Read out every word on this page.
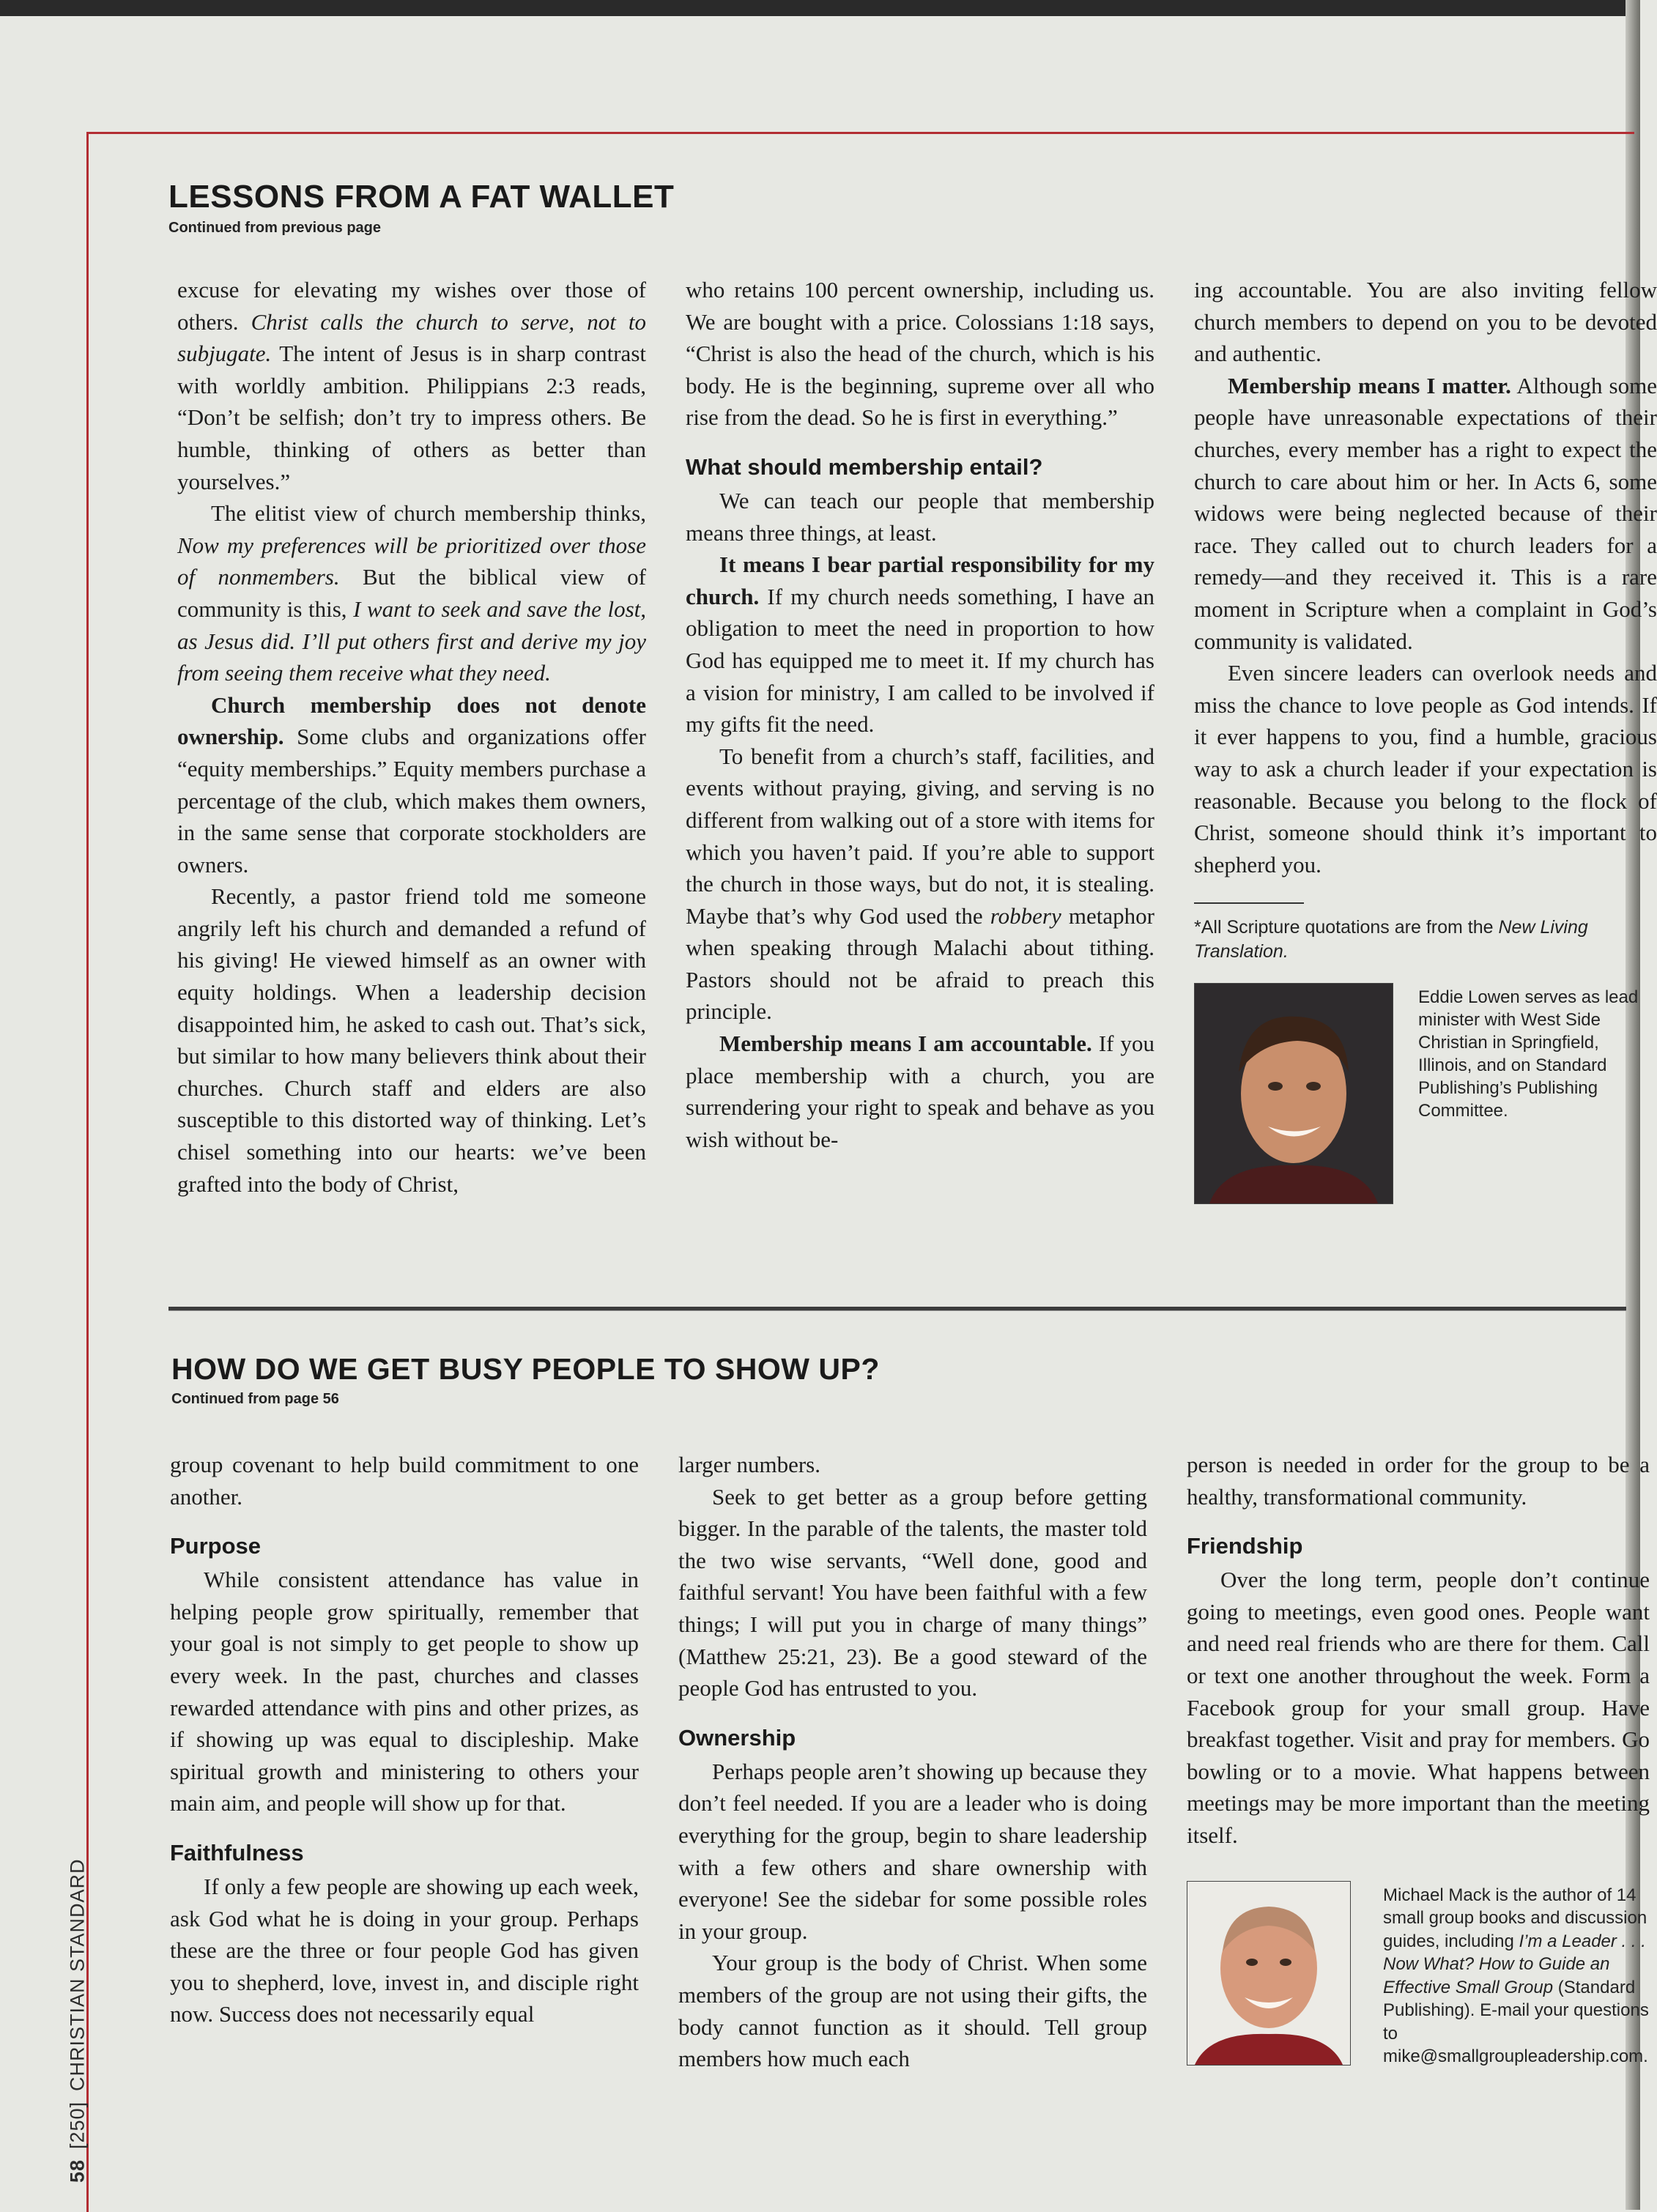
58
[250]
CHRISTIAN STANDARD
LESSONS FROM A FAT WALLET
Continued from previous page

excuse for elevating my wishes over those of others. Christ calls the church to serve, not to subjugate. The intent of Jesus is in sharp contrast with worldly ambition. Philippians 2:3 reads, “Don’t be selfish; don’t try to impress others. Be humble, thinking of others as better than yourselves.”

The elitist view of church membership thinks, Now my preferences will be prioritized over those of nonmembers. But the biblical view of community is this, I want to seek and save the lost, as Jesus did. I’ll put others first and derive my joy from seeing them receive what they need.

Church membership does not denote ownership. Some clubs and organizations offer “equity memberships.” Equity members purchase a percentage of the club, which makes them owners, in the same sense that corporate stockholders are owners.

Recently, a pastor friend told me someone angrily left his church and demanded a refund of his giving! He viewed himself as an owner with equity holdings. When a leadership decision disappointed him, he asked to cash out. That’s sick, but similar to how many believers think about their churches. Church staff and elders are also susceptible to this distorted way of thinking. Let’s chisel something into our hearts: we’ve been grafted into the body of Christ,

who retains 100 percent ownership, including us. We are bought with a price. Colossians 1:18 says, “Christ is also the head of the church, which is his body. He is the beginning, supreme over all who rise from the dead. So he is first in everything.”

What should membership entail?

We can teach our people that membership means three things, at least.

It means I bear partial responsibility for my church. If my church needs something, I have an obligation to meet the need in proportion to how God has equipped me to meet it. If my church has a vision for ministry, I am called to be involved if my gifts fit the need.

To benefit from a church’s staff, facilities, and events without praying, giving, and serving is no different from walking out of a store with items for which you haven’t paid. If you’re able to support the church in those ways, but do not, it is stealing. Maybe that’s why God used the robbery metaphor when speaking through Malachi about tithing. Pastors should not be afraid to preach this principle.

Membership means I am accountable. If you place membership with a church, you are surrendering your right to speak and behave as you wish without be-

ing accountable. You are also inviting fellow church members to depend on you to be devoted and authentic.

Membership means I matter. Although some people have unreasonable expectations of their churches, every member has a right to expect the church to care about him or her. In Acts 6, some widows were being neglected because of their race. They called out to church leaders for a remedy—and they received it. This is a rare moment in Scripture when a complaint in God’s community is validated.

Even sincere leaders can overlook needs and miss the chance to love people as God intends. If it ever happens to you, find a humble, gracious way to ask a church leader if your expectation is reasonable. Because you belong to the flock of Christ, someone should think it’s important to shepherd you.

*All Scripture quotations are from the New Living Translation.
Eddie Lowen serves as lead minister with West Side Christian in Springfield, Illinois, and on Standard Publishing’s Publishing Committee.
HOW DO WE GET BUSY PEOPLE TO SHOW UP?
Continued from page 56

group covenant to help build commitment to one another.

Purpose

While consistent attendance has value in helping people grow spiritually, remember that your goal is not simply to get people to show up every week. In the past, churches and classes rewarded attendance with pins and other prizes, as if showing up was equal to discipleship. Make spiritual growth and ministering to others your main aim, and people will show up for that.

Faithfulness

If only a few people are showing up each week, ask God what he is doing in your group. Perhaps these are the three or four people God has given you to shepherd, love, invest in, and disciple right now. Success does not necessarily equal

larger numbers.

Seek to get better as a group before getting bigger. In the parable of the talents, the master told the two wise servants, “Well done, good and faithful servant! You have been faithful with a few things; I will put you in charge of many things” (Matthew 25:21, 23). Be a good steward of the people God has entrusted to you.

Ownership

Perhaps people aren’t showing up because they don’t feel needed. If you are a leader who is doing everything for the group, begin to share leadership with a few others and share ownership with everyone! See the sidebar for some possible roles in your group.

Your group is the body of Christ. When some members of the group are not using their gifts, the body cannot function as it should. Tell group members how much each

person is needed in order for the group to be a healthy, transformational community.

Friendship

Over the long term, people don’t continue going to meetings, even good ones. People want and need real friends who are there for them. Call or text one another throughout the week. Form a Facebook group for your small group. Have breakfast together. Visit and pray for members. Go bowling or to a movie. What happens between meetings may be more important than the meeting itself.

Michael Mack is the author of 14 small group books and discussion guides, including I’m a Leader . . . Now What? How to Guide an Effective Small Group (Standard Publishing). E-mail your questions to mike@smallgroupleadership.com.
